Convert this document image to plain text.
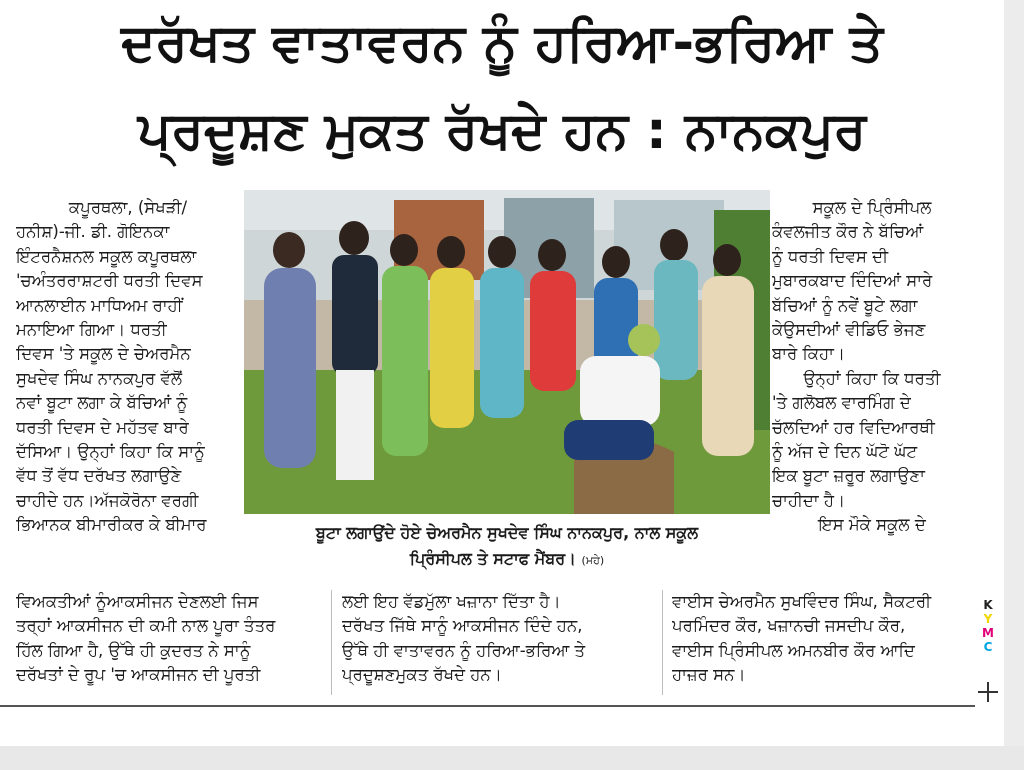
ਦਰੱਖਤ ਵਾਤਾਵਰਨ ਨੂੰ ਹਰਿਆ-ਭਰਿਆ ਤੇ
ਪ੍ਰਦੂਸ਼ਣ ਮੁਕਤ ਰੱਖਦੇ ਹਨ : ਨਾਨਕਪੁਰ

ਕਪੂਰਥਲਾ, (ਸੇਖੜੀ/

ਹਨੀਸ਼)-ਜੀ. ਡੀ. ਗੋਇਨਕਾ

ਇੰਟਰਨੈਸ਼ਨਲ ਸਕੂਲ ਕਪੂਰਥਲਾ

'ਚਅੰਤਰਰਾਸ਼ਟਰੀ ਧਰਤੀ ਦਿਵਸ

ਆਨਲਾਈਨ ਮਾਧਿਅਮ ਰਾਹੀਂ

ਮਨਾਇਆ ਗਿਆ। ਧਰਤੀ

ਦਿਵਸ 'ਤੇ ਸਕੂਲ ਦੇ ਚੇਅਰਮੈਨ

ਸੁਖਦੇਵ ਸਿੰਘ ਨਾਨਕਪੁਰ ਵੱਲੋਂ

ਨਵਾਂ ਬੂਟਾ ਲਗਾ ਕੇ ਬੱਚਿਆਂ ਨੂੰ

ਧਰਤੀ ਦਿਵਸ ਦੇ ਮਹੱਤਵ ਬਾਰੇ

ਦੱਸਿਆ। ਉਨ੍ਹਾਂ ਕਿਹਾ ਕਿ ਸਾਨੂੰ

ਵੱਧ ਤੋਂ ਵੱਧ ਦਰੱਖਤ ਲਗਾਉਣੇ

ਚਾਹੀਦੇ ਹਨ।ਅੱਜਕੋਰੋਨਾ ਵਰਗੀ

ਭਿਆਨਕ ਬੀਮਾਰੀਕਰ ਕੇ ਬੀਮਾਰ	ਬੂਟਾ ਲਗਾਉਂਦੇ ਹੋਏ ਚੇਅਰਮੈਨ ਸੁਖਦੇਵ ਸਿੰਘ ਨਾਨਕਪੁਰ, ਨਾਲ ਸਕੂਲ
ਪ੍ਰਿੰਸੀਪਲ ਤੇ ਸਟਾਫ ਮੈਂਬਰ। (ਮਹੇ)

ਸਕੂਲ ਦੇ ਪ੍ਰਿੰਸੀਪਲ

ਕੰਵਲਜੀਤ ਕੌਰ ਨੇ ਬੱਚਿਆਂ

ਨੂੰ ਧਰਤੀ ਦਿਵਸ ਦੀ

ਮੁਬਾਰਕਬਾਦ ਦਿੰਦਿਆਂ ਸਾਰੇ

ਬੱਚਿਆਂ ਨੂੰ ਨਵੇਂ ਬੂਟੇ ਲਗਾ

ਕੇਉਸਦੀਆਂ ਵੀਡਿਓ ਭੇਜਣ

ਬਾਰੇ ਕਿਹਾ।

ਉਨ੍ਹਾਂ ਕਿਹਾ ਕਿ ਧਰਤੀ

'ਤੇ ਗਲੋਬਲ ਵਾਰਮਿੰਗ ਦੇ

ਚੱਲਦਿਆਂ ਹਰ ਵਿਦਿਆਰਥੀ

ਨੂੰ ਅੱਜ ਦੇ ਦਿਨ ਘੱਟੋ ਘੱਟ

ਇਕ ਬੂਟਾ ਜ਼ਰੂਰ ਲਗਾਉਣਾ

ਚਾਹੀਦਾ ਹੈ।

ਇਸ ਮੌਕੇ ਸਕੂਲ ਦੇ

ਵਿਅਕਤੀਆਂ ਨੂੰਆਕਸੀਜਨ ਦੇਣਲਈ ਜਿਸ

ਤਰ੍ਹਾਂ ਆਕਸੀਜਨ ਦੀ ਕਮੀ ਨਾਲ ਪੂਰਾ ਤੰਤਰ

ਹਿੱਲ ਗਿਆ ਹੈ, ਉੱਥੇ ਹੀ ਕੁਦਰਤ ਨੇ ਸਾਨੂੰ

ਦਰੱਖਤਾਂ ਦੇ ਰੂਪ 'ਚ ਆਕਸੀਜਨ ਦੀ ਪੂਰਤੀ

ਲਈ ਇਹ ਵੱਡਮੁੱਲਾ ਖਜ਼ਾਨਾ ਦਿੱਤਾ ਹੈ।

ਦਰੱਖਤ ਜਿੱਥੇ ਸਾਨੂੰ ਆਕਸੀਜਨ ਦਿੰਦੇ ਹਨ,

ਉੱਥੇ ਹੀ ਵਾਤਾਵਰਨ ਨੂੰ ਹਰਿਆ-ਭਰਿਆ ਤੇ

ਪ੍ਰਦੂਸ਼ਣਮੁਕਤ ਰੱਖਦੇ ਹਨ।

ਵਾਈਸ ਚੇਅਰਮੈਨ ਸੁਖਵਿੰਦਰ ਸਿੰਘ, ਸੈਕਟਰੀ

ਪਰਮਿੰਦਰ ਕੌਰ, ਖਜ਼ਾਨਚੀ ਜਸਦੀਪ ਕੌਰ,

ਵਾਈਸ ਪ੍ਰਿੰਸੀਪਲ ਅਮਨਬੀਰ ਕੌਰ ਆਦਿ

ਹਾਜ਼ਰ ਸਨ।

K
Y
M
C
